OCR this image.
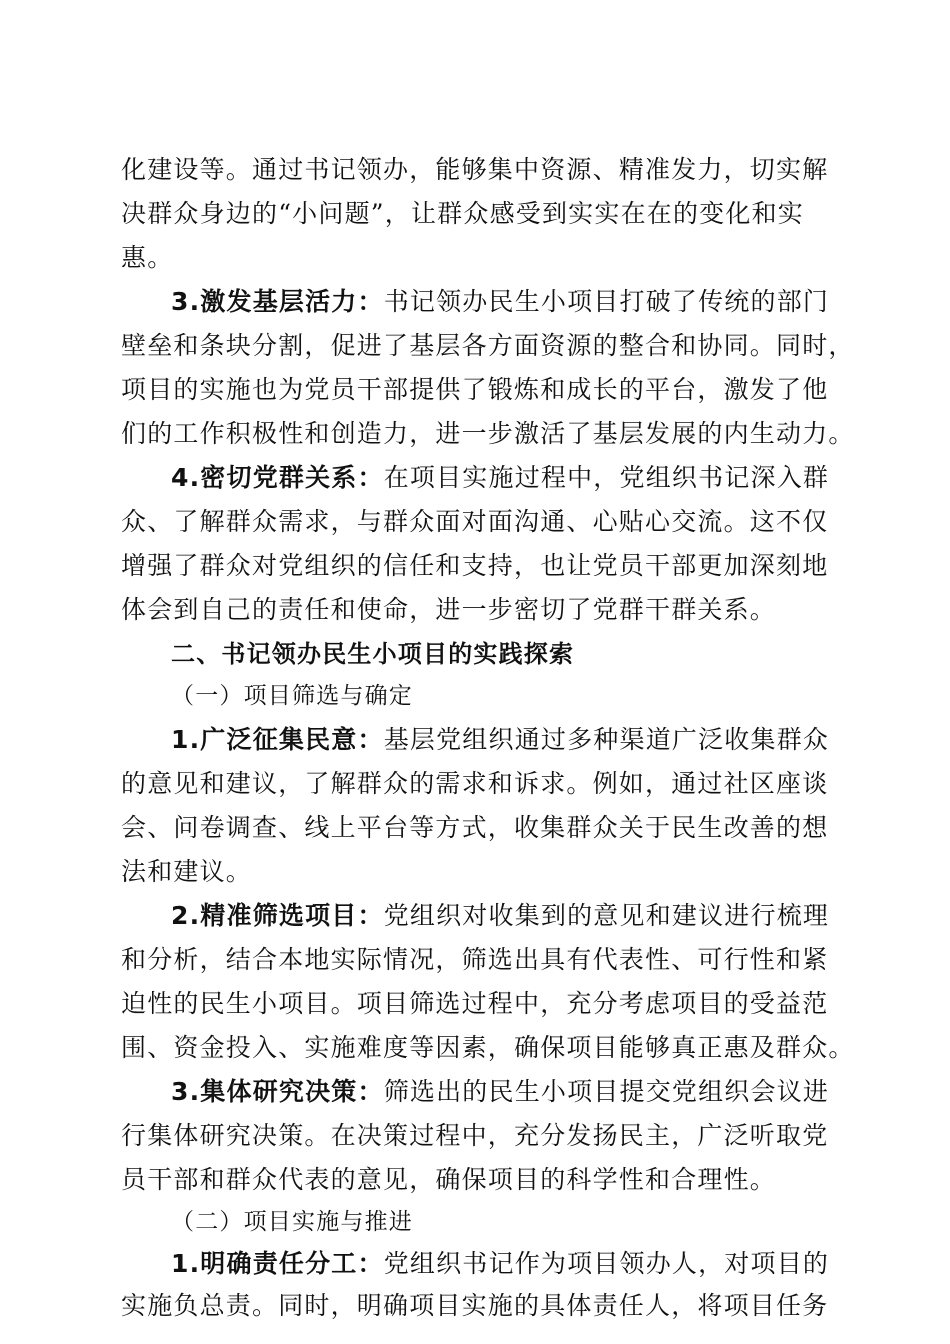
化建设等。通过书记领办，能够集中资源、精准发力，切实解
决群众身边的“小问题”，让群众感受到实实在在的变化和实
惠。
3.激发基层活力：书记领办民生小项目打破了传统的部门
壁垒和条块分割，促进了基层各方面资源的整合和协同。同时，
项目的实施也为党员干部提供了锻炼和成长的平台，激发了他
们的工作积极性和创造力，进一步激活了基层发展的内生动力。
4.密切党群关系：在项目实施过程中，党组织书记深入群
众、了解群众需求，与群众面对面沟通、心贴心交流。这不仅
增强了群众对党组织的信任和支持，也让党员干部更加深刻地
体会到自己的责任和使命，进一步密切了党群干群关系。
二、书记领办民生小项目的实践探索
（一）项目筛选与确定
1.广泛征集民意：基层党组织通过多种渠道广泛收集群众
的意见和建议，了解群众的需求和诉求。例如，通过社区座谈
会、问卷调查、线上平台等方式，收集群众关于民生改善的想
法和建议。
2.精准筛选项目：党组织对收集到的意见和建议进行梳理
和分析，结合本地实际情况，筛选出具有代表性、可行性和紧
迫性的民生小项目。项目筛选过程中，充分考虑项目的受益范
围、资金投入、实施难度等因素，确保项目能够真正惠及群众。
3.集体研究决策：筛选出的民生小项目提交党组织会议进
行集体研究决策。在决策过程中，充分发扬民主，广泛听取党
员干部和群众代表的意见，确保项目的科学性和合理性。
（二）项目实施与推进
1.明确责任分工：党组织书记作为项目领办人，对项目的
实施负总责。同时，明确项目实施的具体责任人，将项目任务
